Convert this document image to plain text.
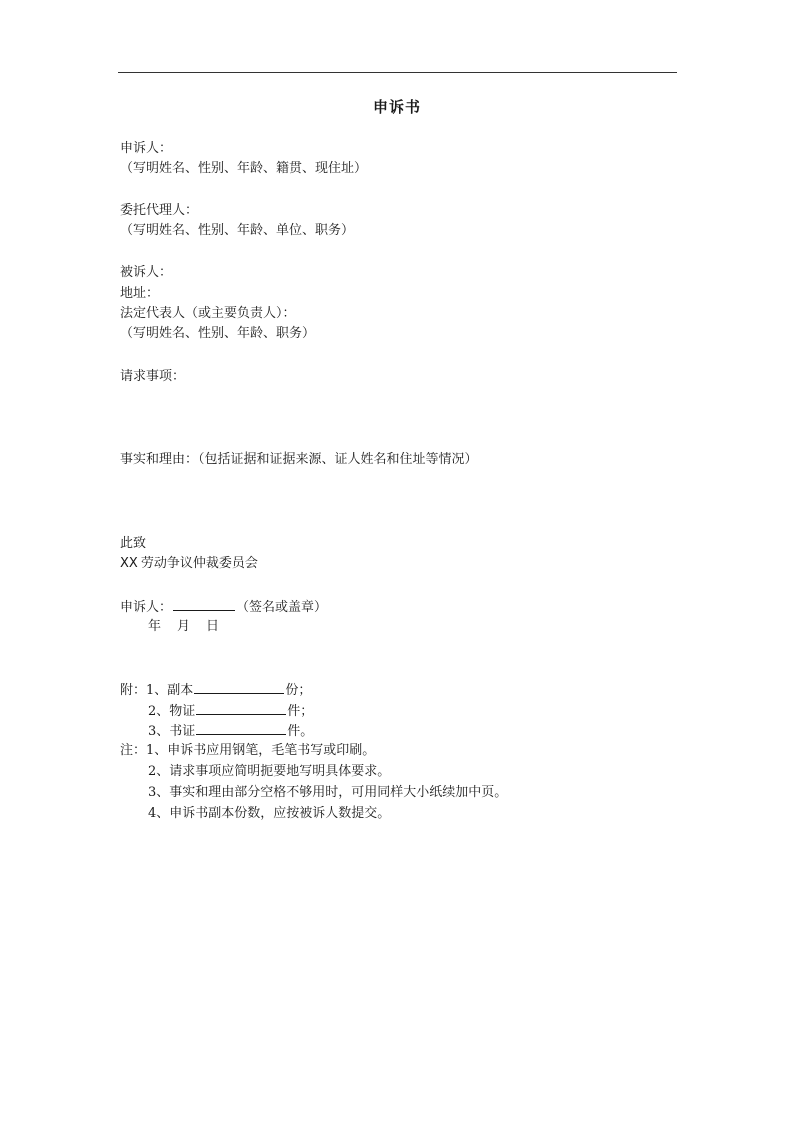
申诉书
申诉人：
（写明姓名、性别、年龄、籍贯、现住址）
委托代理人：
（写明姓名、性别、年龄、单位、职务）
被诉人：
地址：
法定代表人（或主要负责人）：
（写明姓名、性别、年龄、职务）
请求事项：
事实和理由：（包括证据和证据来源、证人姓名和住址等情况）
此致
XX 劳动争议仲裁委员会
申诉人：	（签名或盖章）
年 月 日
附：1、副本	份；
2、物证	件；
3、书证	件。
注：1、申诉书应用钢笔，毛笔书写或印刷。
2、请求事项应简明扼要地写明具体要求。
3、事实和理由部分空格不够用时，可用同样大小纸续加中页。
4、申诉书副本份数，应按被诉人数提交。
